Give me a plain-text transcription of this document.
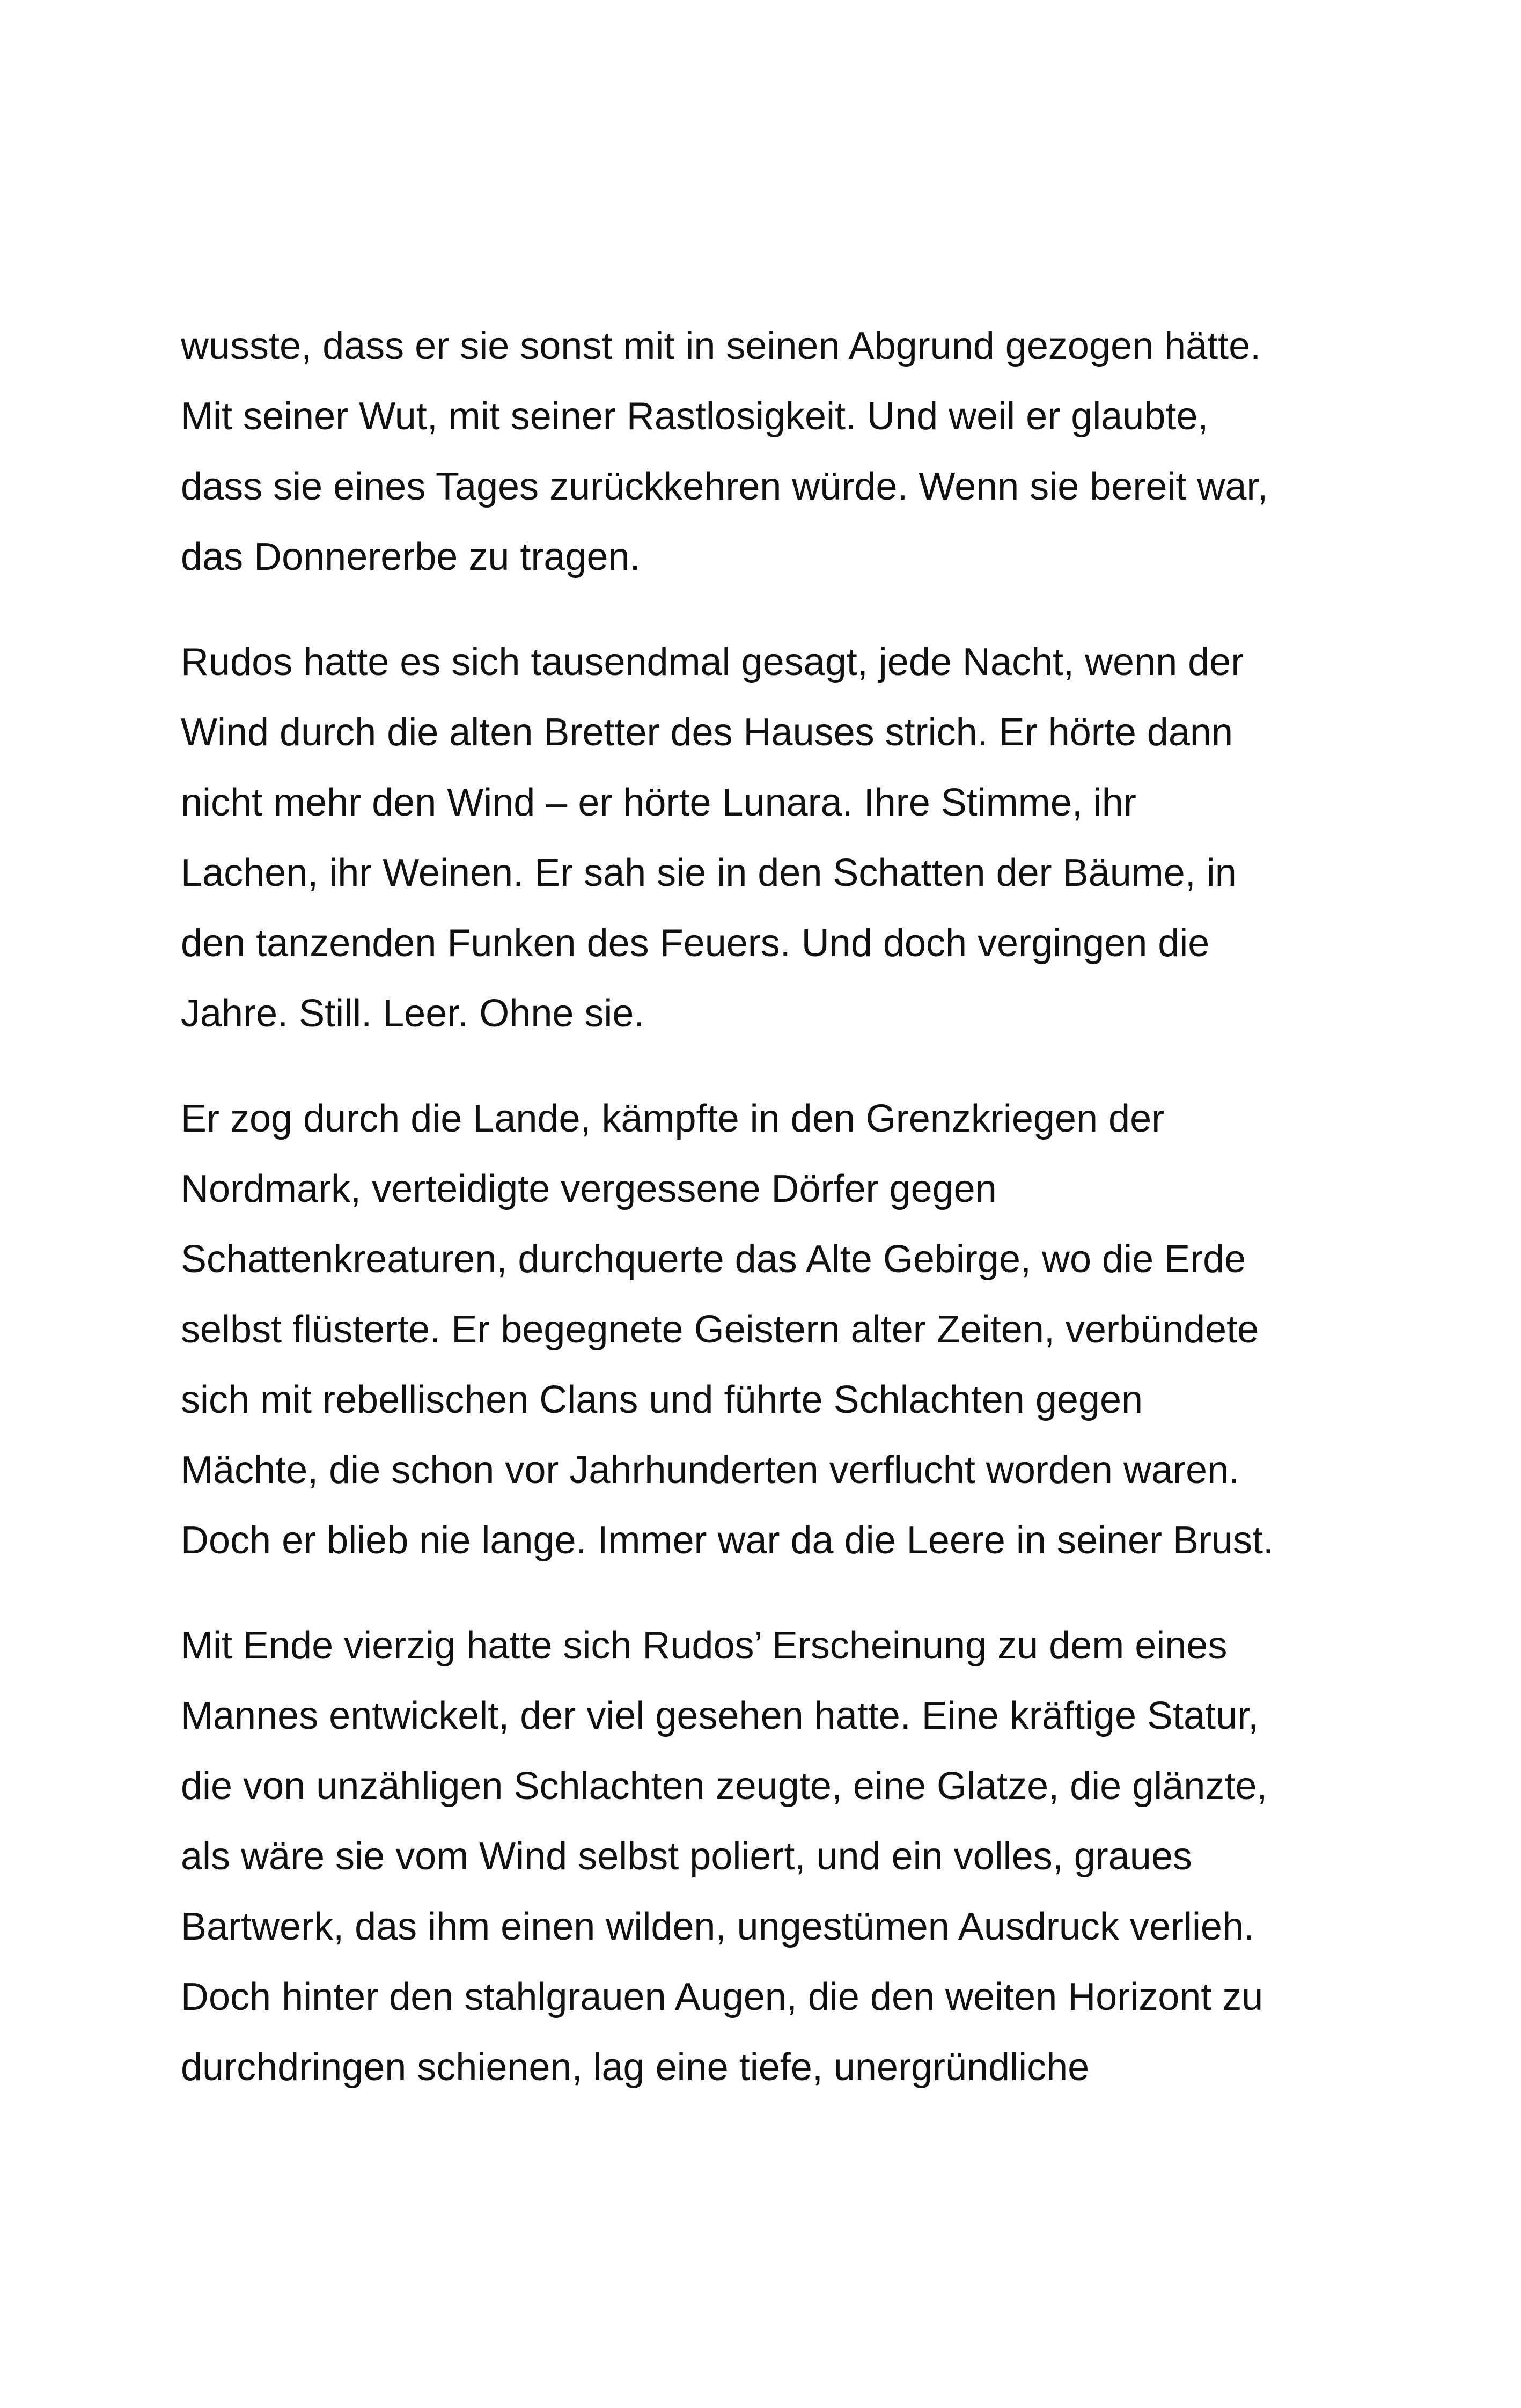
wusste, dass er sie sonst mit in seinen Abgrund gezogen hätte.
Mit seiner Wut, mit seiner Rastlosigkeit. Und weil er glaubte,
dass sie eines Tages zurückkehren würde. Wenn sie bereit war,
das Donnererbe zu tragen.

Rudos hatte es sich tausendmal gesagt, jede Nacht, wenn der
Wind durch die alten Bretter des Hauses strich. Er hörte dann
nicht mehr den Wind – er hörte Lunara. Ihre Stimme, ihr
Lachen, ihr Weinen. Er sah sie in den Schatten der Bäume, in
den tanzenden Funken des Feuers. Und doch vergingen die
Jahre. Still. Leer. Ohne sie.

Er zog durch die Lande, kämpfte in den Grenzkriegen der
Nordmark, verteidigte vergessene Dörfer gegen
Schattenkreaturen, durchquerte das Alte Gebirge, wo die Erde
selbst flüsterte. Er begegnete Geistern alter Zeiten, verbündete
sich mit rebellischen Clans und führte Schlachten gegen
Mächte, die schon vor Jahrhunderten verflucht worden waren.
Doch er blieb nie lange. Immer war da die Leere in seiner Brust.

Mit Ende vierzig hatte sich Rudos’ Erscheinung zu dem eines
Mannes entwickelt, der viel gesehen hatte. Eine kräftige Statur,
die von unzähligen Schlachten zeugte, eine Glatze, die glänzte,
als wäre sie vom Wind selbst poliert, und ein volles, graues
Bartwerk, das ihm einen wilden, ungestümen Ausdruck verlieh.
Doch hinter den stahlgrauen Augen, die den weiten Horizont zu
durchdringen schienen, lag eine tiefe, unergründliche
